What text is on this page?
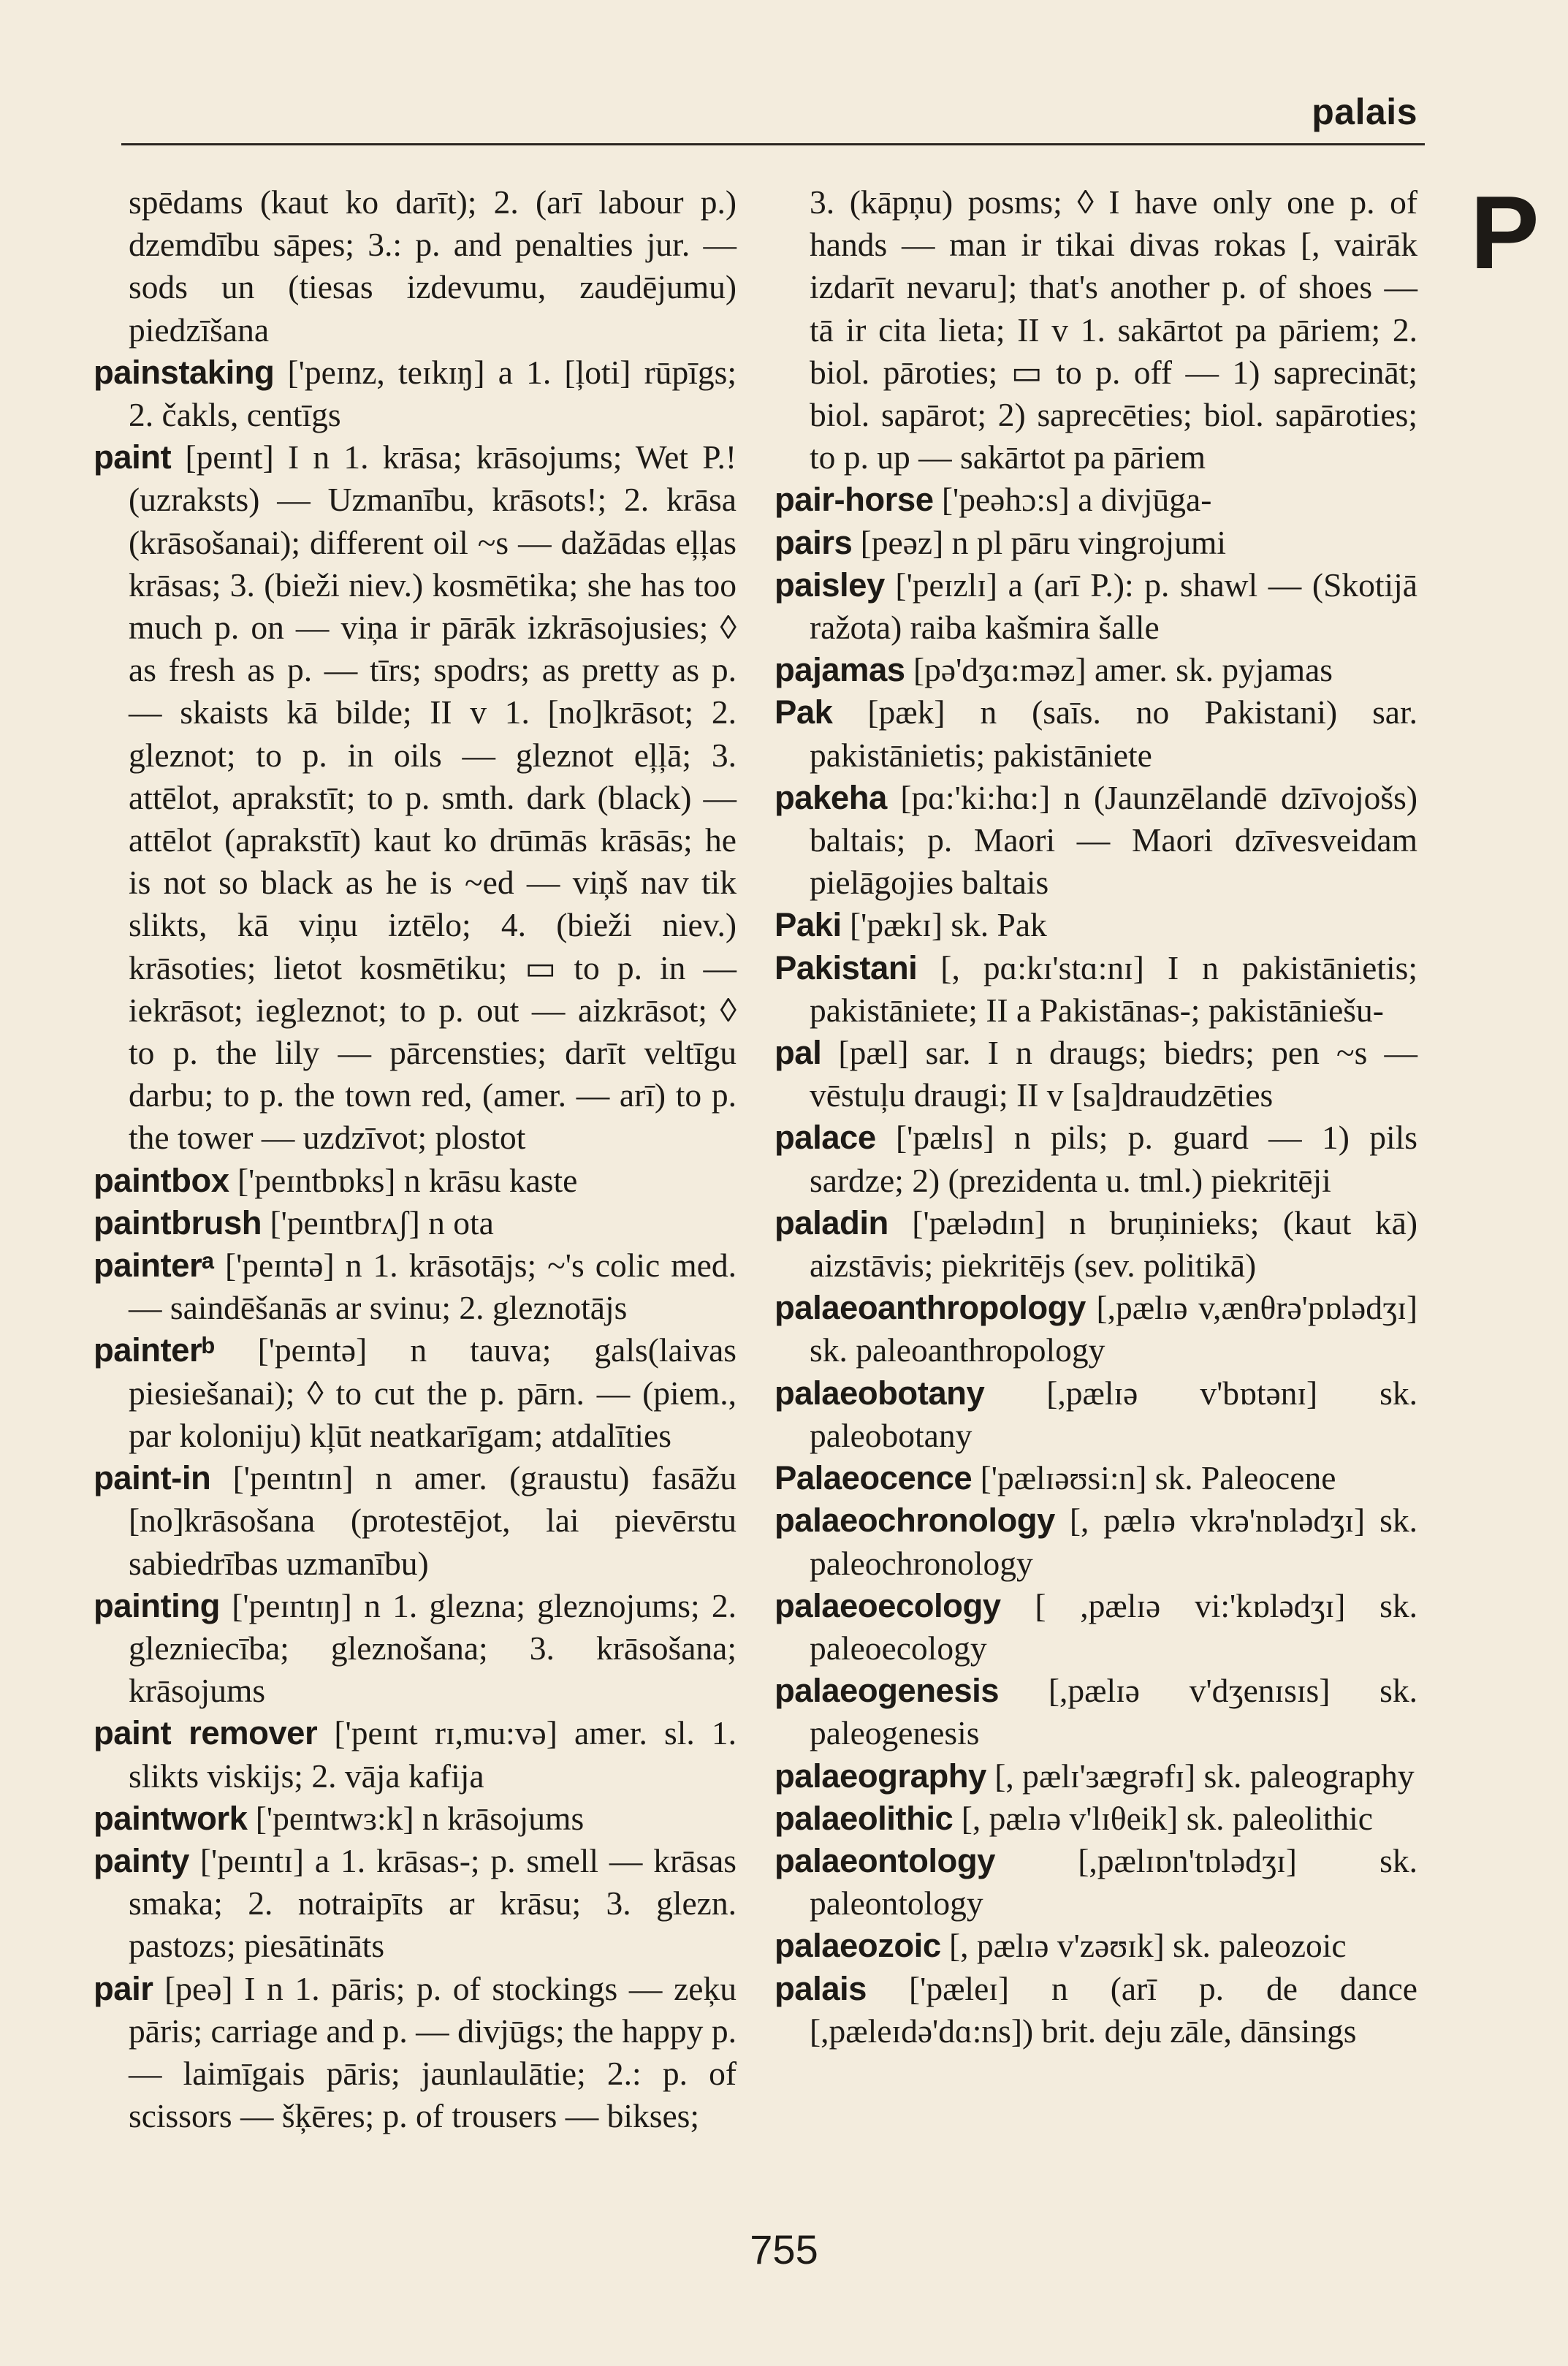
palais
P

spēdams (kaut ko darīt); 2. (arī labour p.) dzemdību sāpes; 3.: p. and penalties jur. — sods un (tiesas izdevumu, zaudējumu) piedzīšana

painstaking ['peɪnz, teɪkɪŋ] a 1. [ļoti] rūpīgs; 2. čakls, centīgs

paint [peɪnt] I n 1. krāsa; krāsojums; Wet P.! (uzraksts) — Uzmanību, krāsots!; 2. krāsa (krāsošanai); different oil ~s — dažādas eļļas krāsas; 3. (bieži niev.) kosmētika; she has too much p. on — viņa ir pārāk izkrāsojusies; ◊ as fresh as p. — tīrs; spodrs; as pretty as p. — skaists kā bilde; II v 1. [no]krāsot; 2. gleznot; to p. in oils — gleznot eļļā; 3. attēlot, aprakstīt; to p. smth. dark (black) — attēlot (aprakstīt) kaut ko drūmās krāsās; he is not so black as he is ~ed — viņš nav tik slikts, kā viņu iztēlo; 4. (bieži niev.) krāsoties; lietot kosmētiku; ▭ to p. in — iekrāsot; iegleznot; to p. out — aizkrāsot; ◊ to p. the lily — pārcensties; darīt veltīgu darbu; to p. the town red, (amer. — arī) to p. the tower — uzdzīvot; plostot

paintbox ['peɪntbɒks] n krāsu kaste

paintbrush ['peɪntbrʌʃ] n ota

painterᵃ ['peɪntə] n 1. krāsotājs; ~'s colic med. — saindēšanās ar svinu; 2. gleznotājs

painterᵇ ['peɪntə] n tauva; gals(laivas piesiešanai); ◊ to cut the p. pārn. — (piem., par koloniju) kļūt neatkarīgam; atdalīties

paint-in ['peɪntɪn] n amer. (graustu) fasāžu [no]krāsošana (protestējot, lai pievērstu sabiedrības uzmanību)

painting ['peɪntɪŋ] n 1. glezna; gleznojums; 2. glezniecība; gleznošana; 3. krāsošana; krāsojums

paint remover ['peɪnt rɪ,mu:və] amer. sl. 1. slikts viskijs; 2. vāja kafija

paintwork ['peɪntwɜ:k] n krāsojums

painty ['peɪntɪ] a 1. krāsas-; p. smell — krāsas smaka; 2. notraipīts ar krāsu; 3. glezn. pastozs; piesātināts

pair [peə] I n 1. pāris; p. of stockings — zeķu pāris; carriage and p. — divjūgs; the happy p. — laimīgais pāris; jaunlaulātie; 2.: p. of scissors — šķēres; p. of trousers — bikses;

3. (kāpņu) posms; ◊ I have only one p. of hands — man ir tikai divas rokas [, vairāk izdarīt nevaru]; that's another p. of shoes — tā ir cita lieta; II v 1. sakārtot pa pāriem; 2. biol. pāroties; ▭ to p. off — 1) saprecināt; biol. sapārot; 2) saprecēties; biol. sapāroties; to p. up — sakārtot pa pāriem

pair-horse ['peəhɔ:s] a divjūga-

pairs [peəz] n pl pāru vingrojumi

paisley ['peɪzlɪ] a (arī P.): p. shawl — (Skotijā ražota) raiba kašmira šalle

pajamas [pə'dʒɑ:məz] amer. sk. pyjamas

Pak [pæk] n (saīs. no Pakistani) sar. pakistānietis; pakistāniete

pakeha [pɑ:'ki:hɑ:] n (Jaunzēlandē dzīvojošs) baltais; p. Maori — Maori dzīvesveidam pielāgojies baltais

Paki ['pækɪ] sk. Pak

Pakistani [, pɑ:kɪ'stɑ:nɪ] I n pakistānietis; pakistāniete; II a Pakistānas-; pakistāniešu-

pal [pæl] sar. I n draugs; biedrs; pen ~s — vēstuļu draugi; II v [sa]draudzēties

palace ['pælɪs] n pils; p. guard — 1) pils sardze; 2) (prezidenta u. tml.) piekritēji

paladin ['pælədɪn] n bruņinieks; (kaut kā) aizstāvis; piekritējs (sev. politikā)

palaeoanthropology [,pælɪə v,ænθrə'pɒlədʒɪ] sk. paleoanthropology

palaeobotany [,pælɪə v'bɒtənɪ] sk. paleobotany

Palaeocence ['pælɪəʊsi:n] sk. Paleocene

palaeochronology [, pælɪə vkrə'nɒlədʒɪ] sk. paleochronology

palaeoecology [ ,pælɪə vi:'kɒlədʒɪ] sk. paleoecology

palaeogenesis [,pælɪə v'dʒenɪsɪs] sk. paleogenesis

palaeography [, pælɪ'ɜægrəfɪ] sk. paleography

palaeolithic [, pælɪə v'lɪθeik] sk. paleolithic

palaeontology [,pælɪɒn'tɒlədʒɪ] sk. paleontology

palaeozoic [, pælɪə v'zəʊɪk] sk. paleozoic

palais ['pæleɪ] n (arī p. de dance [,pæleɪdə'dɑ:ns]) brit. deju zāle, dānsings

755
